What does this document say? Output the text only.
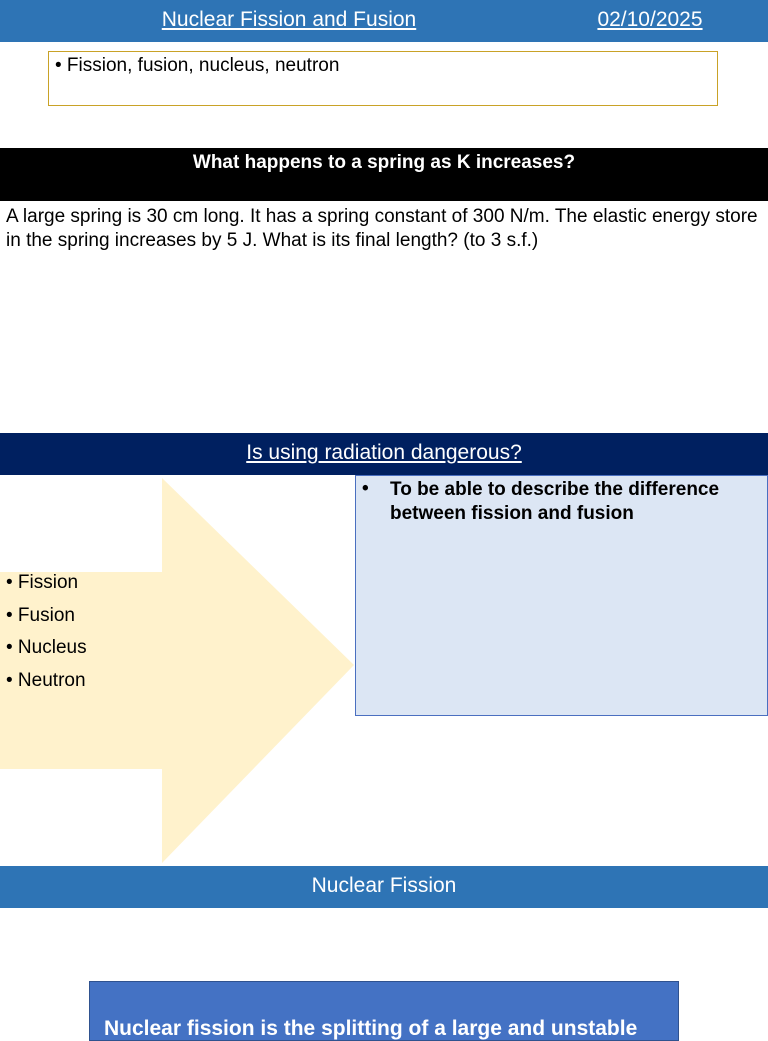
Nuclear Fission and Fusion	02/10/2025
• Fission, fusion, nucleus, neutron
What happens to a spring as K increases?
A large spring is 30 cm long. It has a spring constant of 300 N/m. The elastic energy store in the spring increases by 5 J. What is its final length? (to 3 s.f.)
Is using radiation dangerous?
• Fission
• Fusion
• Nucleus
• Neutron
• To be able to describe the difference between fission and fusion
Nuclear Fission
Nuclear fission is the splitting of a large and unstable
